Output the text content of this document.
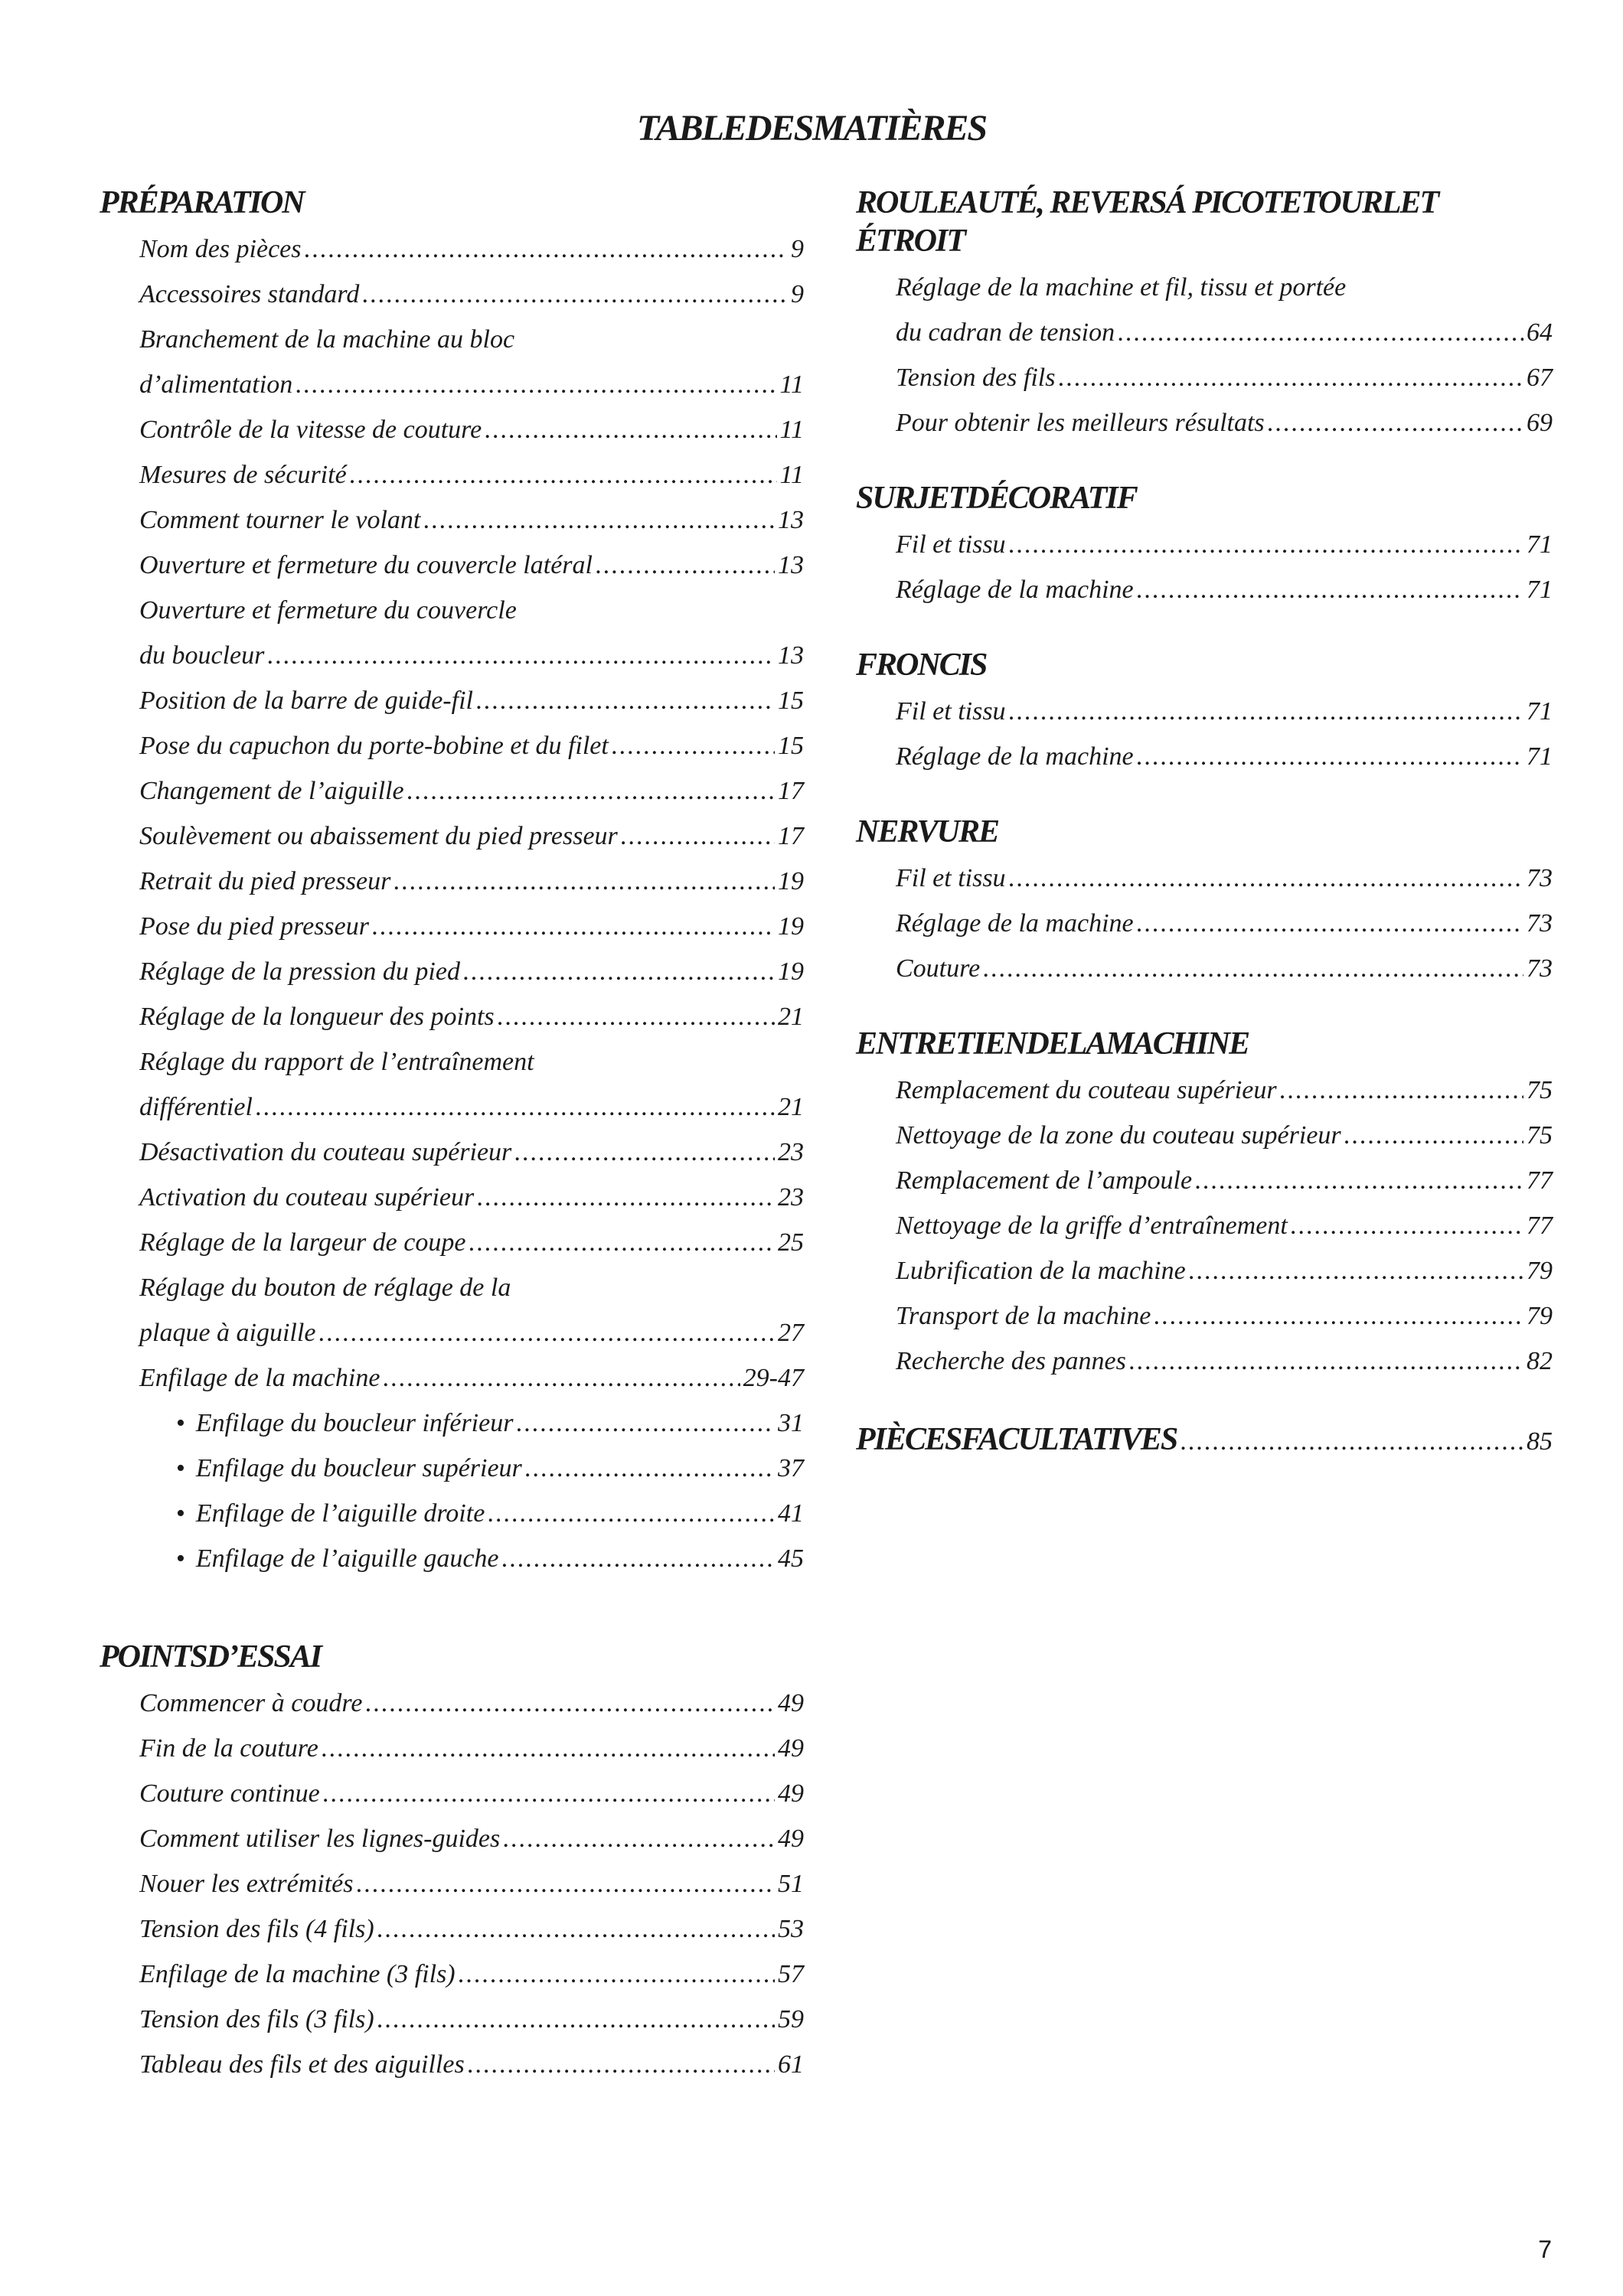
TABLEDESMATIÈRES
PRÉPARATION
Nom des pièces .....	9
Accessoires standard .....	9
Branchement de la machine au bloc
d’alimentation .....	11
Contrôle de la vitesse de couture .....	11
Mesures de sécurité .....	11
Comment tourner le volant .....	13
Ouverture et fermeture du couvercle latéral .....	13
Ouverture et fermeture du couvercle
du boucleur .....	13
Position de la barre de guide-fil .....	15
Pose du capuchon du porte-bobine et du filet .....	15
Changement de l’aiguille .....	17
Soulèvement ou abaissement du pied presseur .....	17
Retrait du pied presseur .....	19
Pose du pied presseur .....	19
Réglage de la pression du pied .....	19
Réglage de la longueur des points .....	21
Réglage du rapport de l’entraînement
différentiel .....	21
Désactivation du couteau supérieur .....	23
Activation du couteau supérieur .....	23
Réglage de la largeur de coupe .....	25
Réglage du bouton de réglage de la
plaque à aiguille .....	27
Enfilage de la machine .....	29-47
• Enfilage du boucleur inférieur .....	31
• Enfilage du boucleur supérieur .....	37
• Enfilage de l’aiguille droite .....	41
• Enfilage de l’aiguille gauche .....	45
POINTSD’ESSAI
Commencer à coudre .....	49
Fin de la couture .....	49
Couture continue .....	49
Comment utiliser les lignes-guides .....	49
Nouer les extrémités .....	51
Tension des fils (4 fils) .....	53
Enfilage de la machine (3 fils) .....	57
Tension des fils (3 fils) .....	59
Tableau des fils et des aiguilles .....	61
ROULEAUTÉ, REVERSÁ PICOTETOURLET
ÉTROIT
Réglage de la machine et fil, tissu et portée
du cadran de tension .....	64
Tension des fils .....	67
Pour obtenir les meilleurs résultats .....	69
SURJETDÉCORATIF
Fil et tissu .....	71
Réglage de la machine .....	71
FRONCIS
Fil et tissu .....	71
Réglage de la machine .....	71
NERVURE
Fil et tissu .....	73
Réglage de la machine .....	73
Couture .....	73
ENTRETIENDELAMACHINE
Remplacement du couteau supérieur .....	75
Nettoyage de la zone du couteau supérieur .....	75
Remplacement de l’ampoule .....	77
Nettoyage de la griffe d’entraînement .....	77
Lubrification de la machine .....	79
Transport de la machine .....	79
Recherche des pannes .....	82
PIÈCESFACULTATIVES .....	85
7
